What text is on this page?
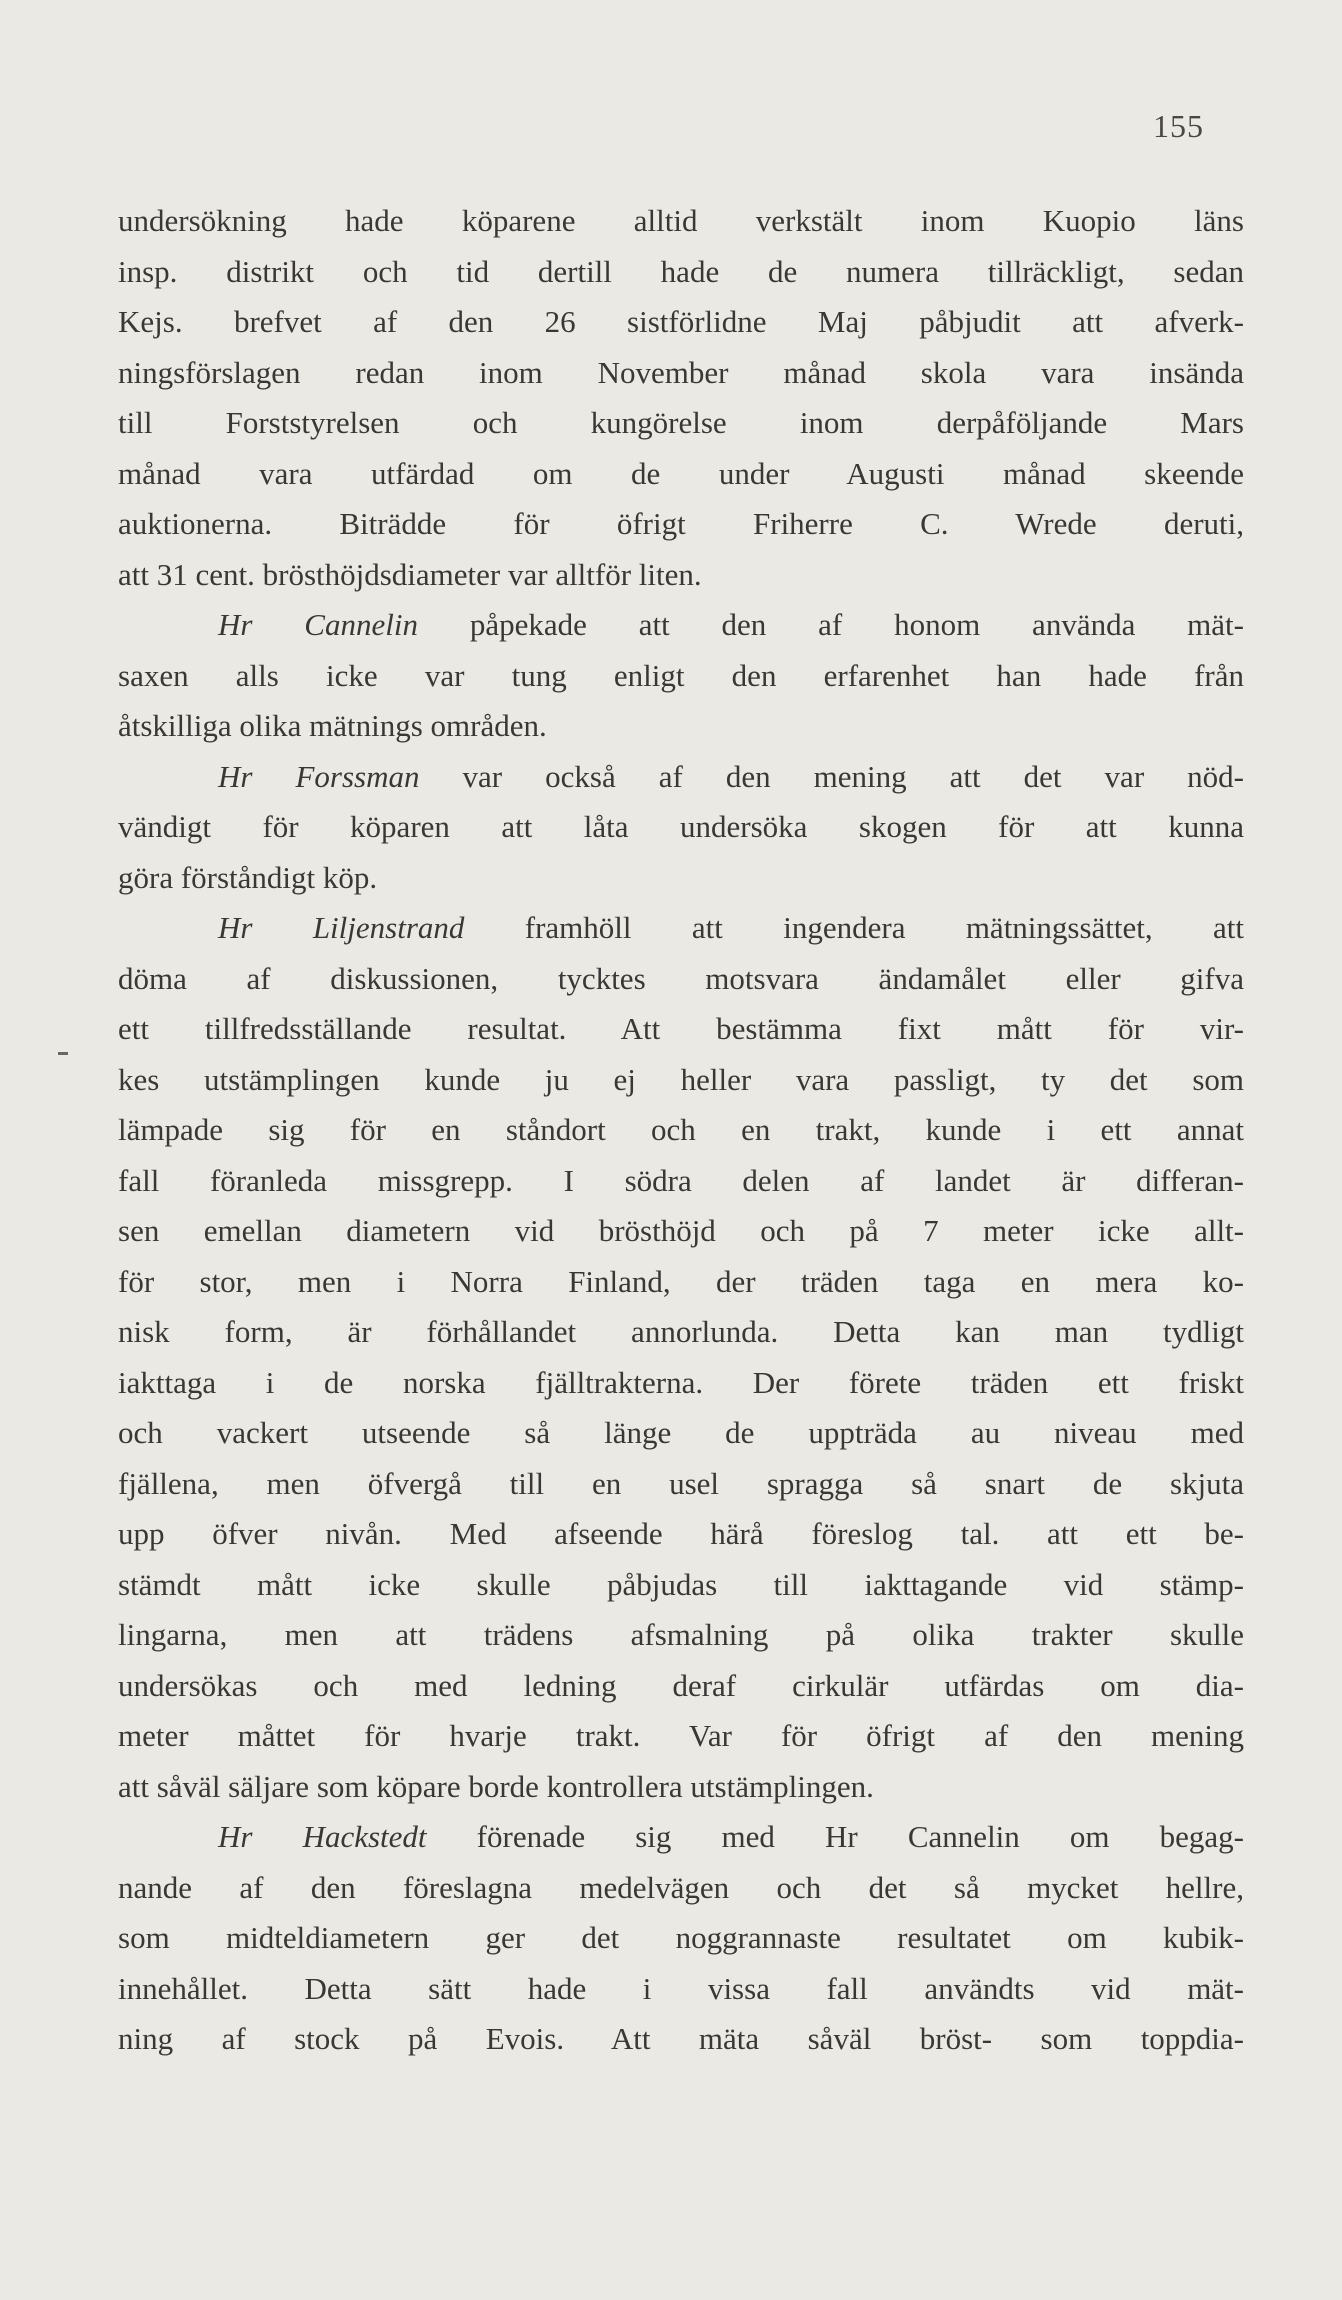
155
undersökning hade köparene alltid verkstält inom Kuopio läns
insp. distrikt och tid dertill hade de numera tillräckligt, sedan
Kejs. brefvet af den 26 sistförlidne Maj påbjudit att afverk-
ningsförslagen redan inom November månad skola vara insända
till Forststyrelsen och kungörelse inom derpåföljande Mars
månad vara utfärdad om de under Augusti månad skeende
auktionerna. Biträdde för öfrigt Friherre C. Wrede deruti,
att 31 cent. brösthöjdsdiameter var alltför liten.
Hr Cannelin påpekade att den af honom använda mät-
saxen alls icke var tung enligt den erfarenhet han hade från
åtskilliga olika mätnings områden.
Hr Forssman var också af den mening att det var nöd-
vändigt för köparen att låta undersöka skogen för att kunna
göra förståndigt köp.
Hr Liljenstrand framhöll att ingendera mätningssättet, att
döma af diskussionen, tycktes motsvara ändamålet eller gifva
ett tillfredsställande resultat. Att bestämma fixt mått för vir-
kes utstämplingen kunde ju ej heller vara passligt, ty det som
lämpade sig för en ståndort och en trakt, kunde i ett annat
fall föranleda missgrepp. I södra delen af landet är differan-
sen emellan diametern vid brösthöjd och på 7 meter icke allt-
för stor, men i Norra Finland, der träden taga en mera ko-
nisk form, är förhållandet annorlunda. Detta kan man tydligt
iakttaga i de norska fjälltrakterna. Der förete träden ett friskt
och vackert utseende så länge de uppträda au niveau med
fjällena, men öfvergå till en usel spragga så snart de skjuta
upp öfver nivån. Med afseende härå föreslog tal. att ett be-
stämdt mått icke skulle påbjudas till iakttagande vid stämp-
lingarna, men att trädens afsmalning på olika trakter skulle
undersökas och med ledning deraf cirkulär utfärdas om dia-
meter måttet för hvarje trakt. Var för öfrigt af den mening
att såväl säljare som köpare borde kontrollera utstämplingen.
Hr Hackstedt förenade sig med Hr Cannelin om begag-
nande af den föreslagna medelvägen och det så mycket hellre,
som midteldiametern ger det noggrannaste resultatet om kubik-
innehållet. Detta sätt hade i vissa fall användts vid mät-
ning af stock på Evois. Att mäta såväl bröst- som toppdia-
